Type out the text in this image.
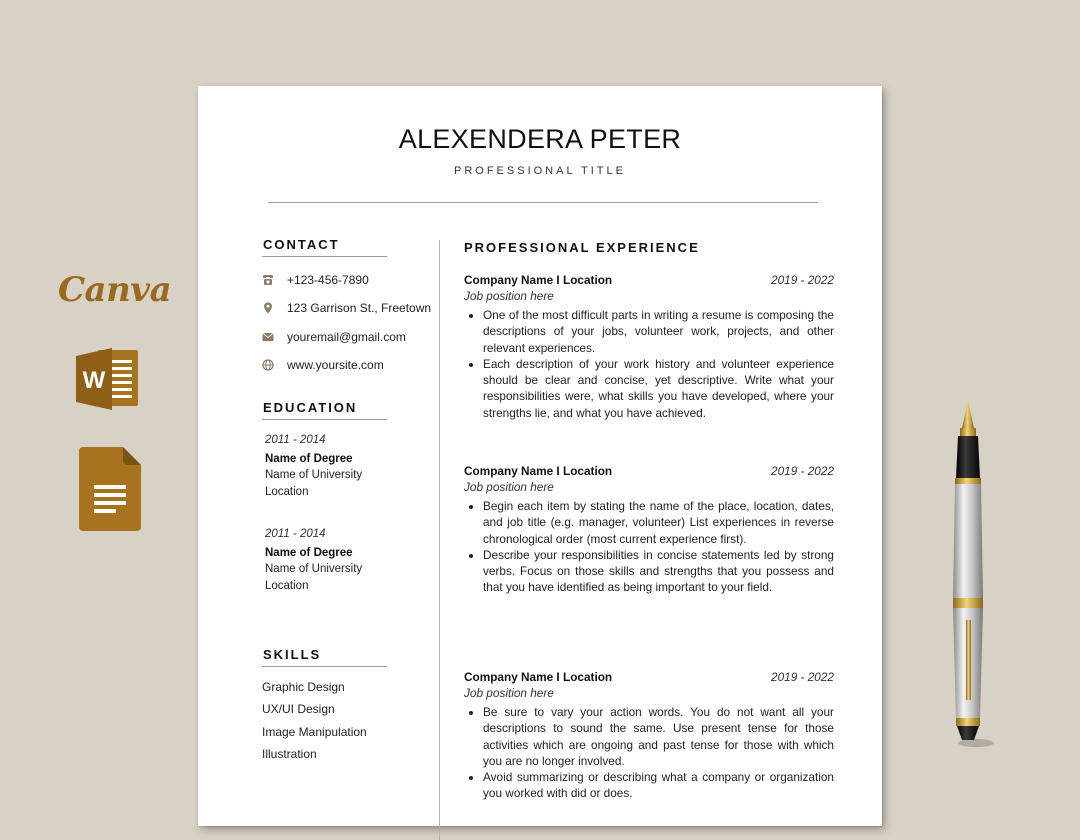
Canva
W
ALEXENDERA PETER
PROFESSIONAL TITLE
CONTACT
+123-456-7890
123 Garrison St., Freetown
youremail@gmail.com
www.yoursite.com
EDUCATION
2011 - 2014
Name of Degree
Name of University
Location
2011 - 2014
Name of Degree
Name of University
Location
SKILLS
Graphic Design
UX/UI Design
Image Manipulation
Illustration
PROFESSIONAL EXPERIENCE
Company Name I Location	2019 - 2022
Job position here
• One of the most difficult parts in writing a resume is composing the descriptions of your jobs, volunteer work, projects, and other relevant experiences.
• Each description of your work history and volunteer experience should be clear and concise, yet descriptive. Write what your responsibilities were, what skills you have developed, where your strengths lie, and what you have achieved.
Company Name I Location	2019 - 2022
Job position here
• Begin each item by stating the name of the place, location, dates, and job title (e.g. manager, volunteer) List experiences in reverse chronological order (most current experience first).
• Describe your responsibilities in concise statements led by strong verbs. Focus on those skills and strengths that you possess and that you have identified as being important to your field.
Company Name I Location	2019 - 2022
Job position here
• Be sure to vary your action words. You do not want all your descriptions to sound the same. Use present tense for those activities which are ongoing and past tense for those with which you are no longer involved.
• Avoid summarizing or describing what a company or organization you worked with did or does.
